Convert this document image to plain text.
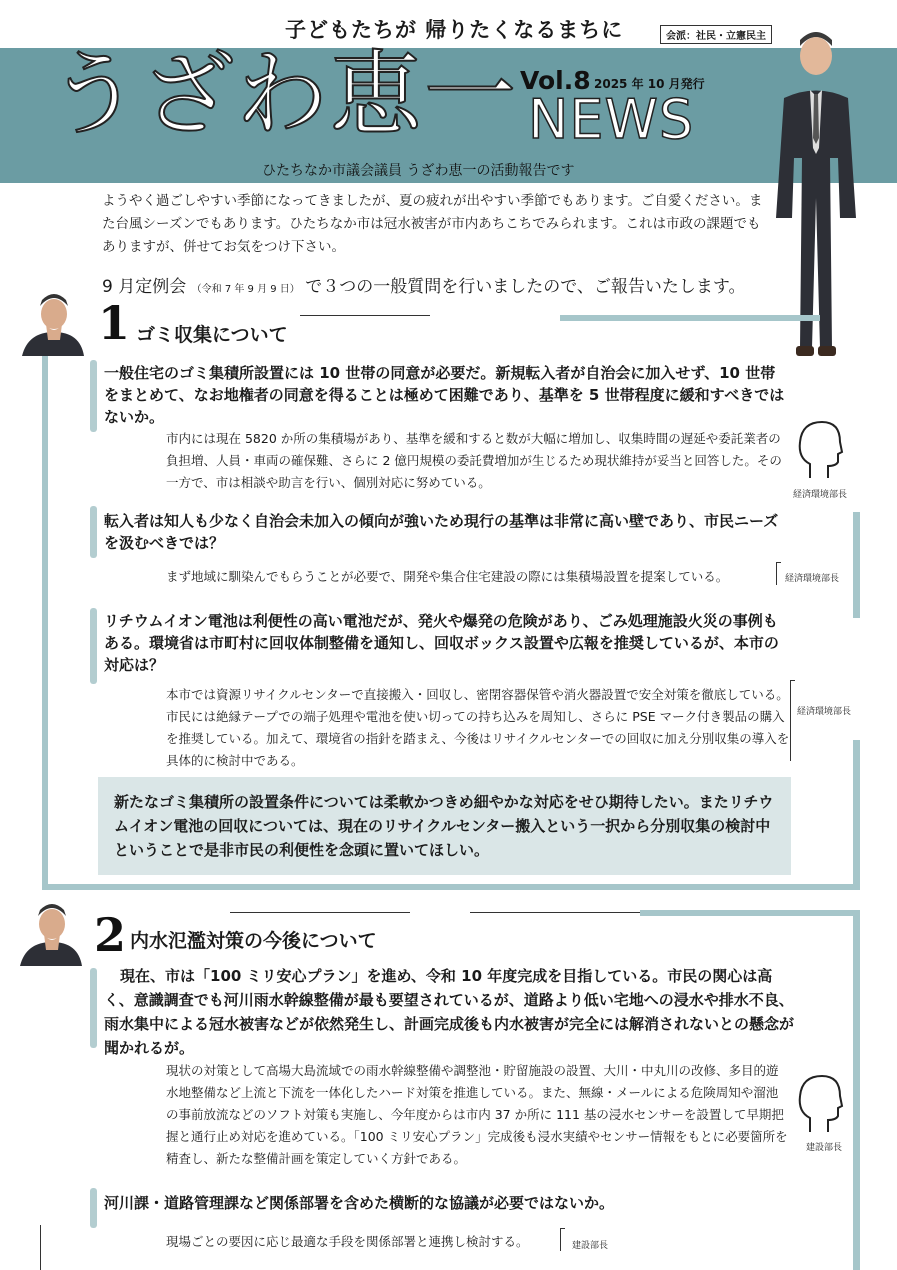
子どもたちが 帰りたくなるまちに	会派：社民・立憲民主
うざわ恵一 Vol.8 2025 年 10 月発行
NEWS
ひたちなか市議会議員 うざわ恵一の活動報告です
ようやく過ごしやすい季節になってきましたが、夏の疲れが出やすい季節でもあります。ご自愛ください。また台風シーズンでもあります。ひたちなか市は冠水被害が市内あちこちでみられます。これは市政の課題でもありますが、併せてお気をつけ下さい。
9 月定例会 （令和 7 年 9 月 9 日） で３つの一般質問を行いましたので、ご報告いたします。
1 ゴミ収集について
一般住宅のゴミ集積所設置には 10 世帯の同意が必要だ。新規転入者が自治会に加入せず、10 世帯をまとめて、なお地権者の同意を得ることは極めて困難であり、基準を 5 世帯程度に緩和すべきではないか。
市内には現在 5820 か所の集積場があり、基準を緩和すると数が大幅に増加し、収集時間の遅延や委託業者の負担増、人員・車両の確保難、さらに 2 億円規模の委託費増加が生じるため現状維持が妥当と回答した。その一方で、市は相談や助言を行い、個別対応に努めている。
経済環境部長
転入者は知人も少なく自治会未加入の傾向が強いため現行の基準は非常に高い壁であり、市民ニーズを汲むべきでは？
まず地域に馴染んでもらうことが必要で、開発や集合住宅建設の際には集積場設置を提案している。	経済環境部長
リチウムイオン電池は利便性の高い電池だが、発火や爆発の危険があり、ごみ処理施設火災の事例もある。環境省は市町村に回収体制整備を通知し、回収ボックス設置や広報を推奨しているが、本市の対応は？
本市では資源リサイクルセンターで直接搬入・回収し、密閉容器保管や消火器設置で安全対策を徹底している。市民には絶縁テープでの端子処理や電池を使い切っての持ち込みを周知し、さらに PSE マーク付き製品の購入を推奨している。加えて、環境省の指針を踏まえ、今後はリサイクルセンターでの回収に加え分別収集の導入を具体的に検討中である。
経済環境部長
新たなゴミ集積所の設置条件については柔軟かつきめ細やかな対応をせひ期待したい。またリチウムイオン電池の回収については、現在のリサイクルセンター搬入という一択から分別収集の検討中ということで是非市民の利便性を念頭に置いてほしい。
2 内水氾濫対策の今後について
現在、市は「100 ミリ安心プラン」を進め、令和 10 年度完成を目指している。市民の関心は高く、意識調査でも河川雨水幹線整備が最も要望されているが、道路より低い宅地への浸水や排水不良、雨水集中による冠水被害などが依然発生し、計画完成後も内水被害が完全には解消されないとの懸念が聞かれるが。
現状の対策として高場大島流域での雨水幹線整備や調整池・貯留施設の設置、大川・中丸川の改修、多目的遊水地整備など上流と下流を一体化したハード対策を推進している。また、無線・メールによる危険周知や溜池の事前放流などのソフト対策も実施し、今年度からは市内 37 か所に 111 基の浸水センサーを設置して早期把握と通行止め対応を進めている。「100 ミリ安心プラン」完成後も浸水実績やセンサー情報をもとに必要箇所を精査し、新たな整備計画を策定していく方針である。
建設部長
河川課・道路管理課など関係部署を含めた横断的な協議が必要ではないか。
現場ごとの要因に応じ最適な手段を関係部署と連携し検討する。	建設部長
